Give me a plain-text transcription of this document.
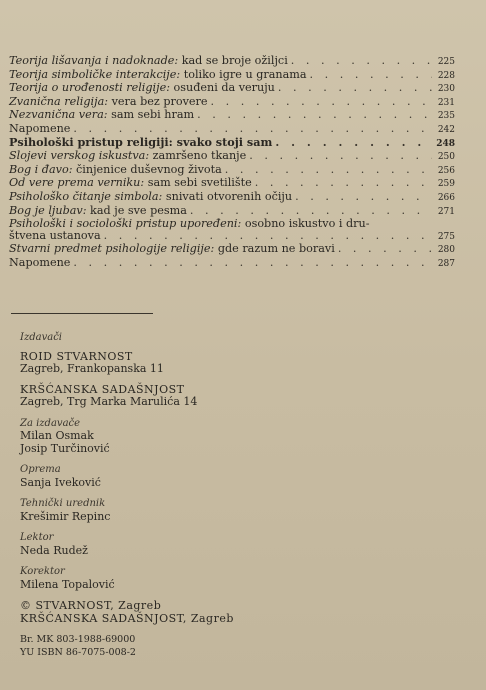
Teorija lišavanja i nadoknade: kad se broje ožiljci . . .	225
Teorija simboličke interakcije: toliko igre u granama . . .	228
Teorija o urođenosti religije: osuđeni da veruju . . .	230
Zvanična religija: vera bez provere . . .	231
Nezvanična vera: sam sebi hram . . .	235
Napomene . . .	242
Psihološki pristup religiji: svako stoji sam . . .	248
Slojevi verskog iskustva: zamršeno tkanje . . .	250
Bog i đavo: činjenice duševnog života . . .	256
Od vere prema verniku: sam sebi svetilište . . .	259
Psihološko čitanje simbola: snivati otvorenih očiju . . .	266
Bog je ljubav: kad je sve pesma . . .	271
Psihološki i sociološki pristup upoređeni: osobno iskustvo i dru-
štvena ustanova . . .	275
Stvarni predmet psihologije religije: gde razum ne boravi . . .	280
Napomene . . .	287
Izdavači
ROID STVARNOST
Zagreb, Frankopanska 11
KRŠĆANSKA SADAŠNJOST
Zagreb, Trg Marka Marulića 14
Za izdavače
Milan Osmak
Josip Turčinović
Oprema
Sanja Iveković
Tehnički urednik
Krešimir Repinc
Lektor
Neda Rudež
Korektor
Milena Topalović
© STVARNOST, Zagreb
KRŠĆANSKA SADAŠNJOST, Zagreb
Br. MK 803-1988-69000
YU ISBN 86-7075-008-2
